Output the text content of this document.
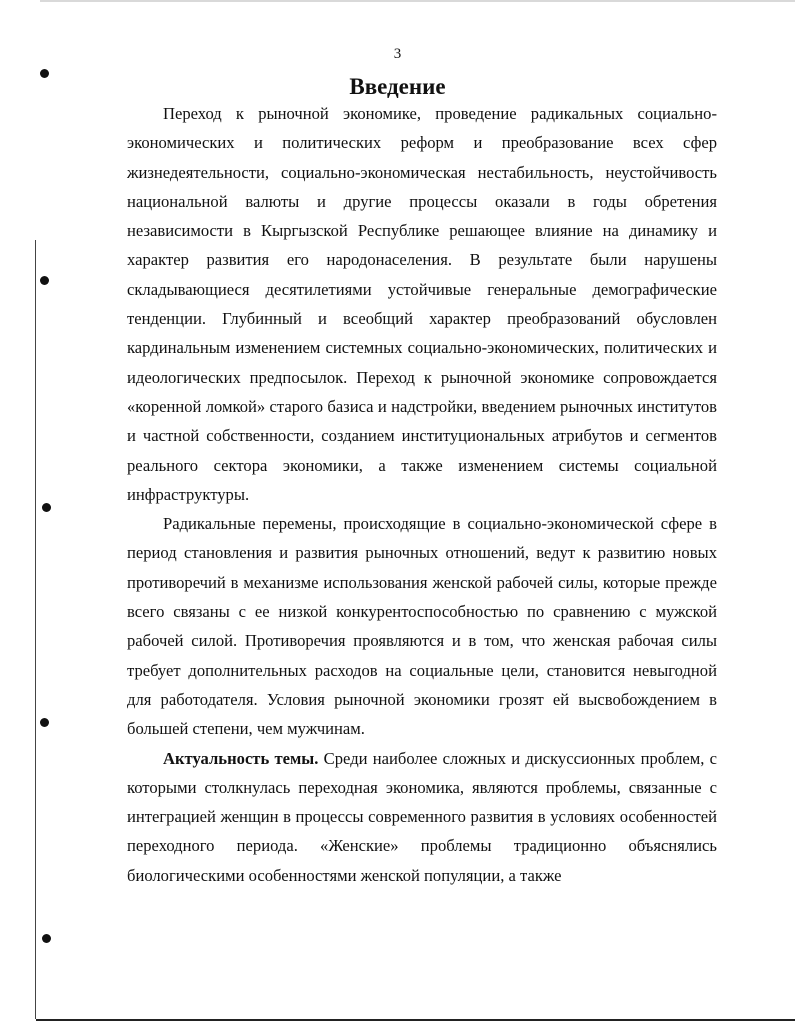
3
Введение

Переход к рыночной экономике, проведение радикальных социально-экономических и политических реформ и преобразование всех сфер жизнедеятельности, социально-экономическая нестабильность, неустойчивость национальной валюты и другие процессы оказали в годы обретения независимости в Кыргызской Республике решающее влияние на динамику и характер развития его народонаселения. В результате были нарушены складывающиеся десятилетиями устойчивые генеральные демографические тенденции. Глубинный и всеобщий характер преобразований обусловлен кардинальным изменением системных социально-экономических, политических и идеологических предпосылок. Переход к рыночной экономике сопровождается «коренной ломкой» старого базиса и надстройки, введением рыночных институтов и частной собственности, созданием институциональных атрибутов и сегментов реального сектора экономики, а также изменением системы социальной инфраструктуры.

Радикальные перемены, происходящие в социально-экономической сфере в период становления и развития рыночных отношений, ведут к развитию новых противоречий в механизме использования женской рабочей силы, которые прежде всего связаны с ее низкой конкурентоспособностью по сравнению с мужской рабочей силой. Противоречия проявляются и в том, что женская рабочая силы требует дополнительных расходов на социальные цели, становится невыгодной для работодателя. Условия рыночной экономики грозят ей высвобождением в большей степени, чем мужчинам.

Актуальность темы. Среди наиболее сложных и дискуссионных проблем, с которыми столкнулась переходная экономика, являются проблемы, связанные с интеграцией женщин в процессы современного развития в условиях особенностей переходного периода. «Женские» проблемы традиционно объяснялись биологическими особенностями женской популяции, а также
